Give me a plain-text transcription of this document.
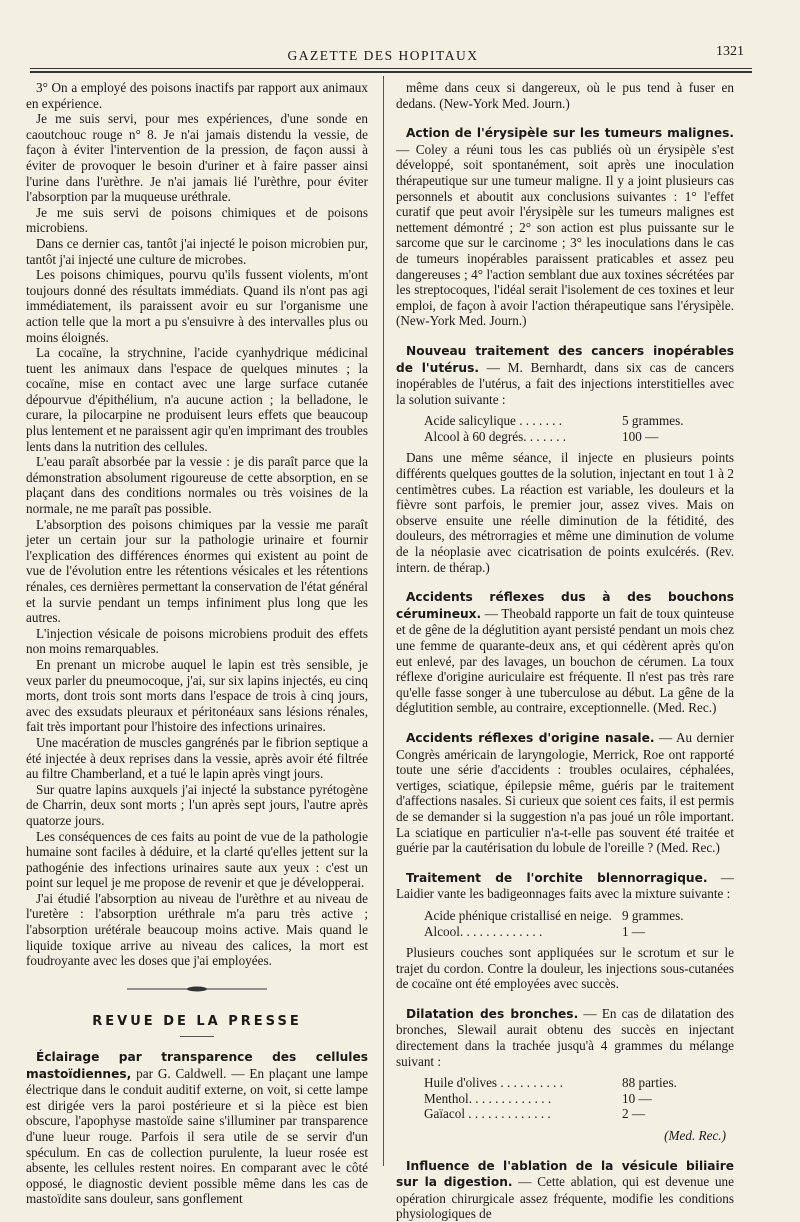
GAZETTE DES HOPITAUX	1321

3° On a employé des poisons inactifs par rapport aux animaux en expérience.

Je me suis servi, pour mes expériences, d'une sonde en caoutchouc rouge n° 8. Je n'ai jamais distendu la vessie, de façon à éviter l'intervention de la pression, de façon aussi à éviter de provoquer le besoin d'uriner et à faire passer ainsi l'urine dans l'urèthre. Je n'ai jamais lié l'urèthre, pour éviter l'absorption par la muqueuse uréthrale.

Je me suis servi de poisons chimiques et de poisons microbiens.

Dans ce dernier cas, tantôt j'ai injecté le poison microbien pur, tantôt j'ai injecté une culture de microbes.

Les poisons chimiques, pourvu qu'ils fussent violents, m'ont toujours donné des résultats immédiats. Quand ils n'ont pas agi immédiatement, ils paraissent avoir eu sur l'organisme une action telle que la mort a pu s'ensuivre à des intervalles plus ou moins éloignés.

La cocaïne, la strychnine, l'acide cyanhydrique médicinal tuent les animaux dans l'espace de quelques minutes ; la cocaïne, mise en contact avec une large surface cutanée dépourvue d'épithélium, n'a aucune action ; la belladone, le curare, la pilocarpine ne produisent leurs effets que beaucoup plus lentement et ne paraissent agir qu'en imprimant des troubles lents dans la nutrition des cellules.

L'eau paraît absorbée par la vessie : je dis paraît parce que la démonstration absolument rigoureuse de cette absorption, en se plaçant dans des conditions normales ou très voisines de la normale, ne me paraît pas possible.

L'absorption des poisons chimiques par la vessie me paraît jeter un certain jour sur la pathologie urinaire et fournir l'explication des différences énormes qui existent au point de vue de l'évolution entre les rétentions vésicales et les rétentions rénales, ces dernières permettant la conservation de l'état général et la survie pendant un temps infiniment plus long que les autres.

L'injection vésicale de poisons microbiens produit des effets non moins remarquables.

En prenant un microbe auquel le lapin est très sensible, je veux parler du pneumocoque, j'ai, sur six lapins injectés, eu cinq morts, dont trois sont morts dans l'espace de trois à cinq jours, avec des exsudats pleuraux et péritonéaux sans lésions rénales, fait très important pour l'histoire des infections urinaires.

Une macération de muscles gangrénés par le fibrion septique a été injectée à deux reprises dans la vessie, après avoir été filtrée au filtre Chamberland, et a tué le lapin après vingt jours.

Sur quatre lapins auxquels j'ai injecté la substance pyrétogène de Charrin, deux sont morts ; l'un après sept jours, l'autre après quatorze jours.

Les conséquences de ces faits au point de vue de la pathologie humaine sont faciles à déduire, et la clarté qu'elles jettent sur la pathogénie des infections urinaires saute aux yeux : c'est un point sur lequel je me propose de revenir et que je développerai.

J'ai étudié l'absorption au niveau de l'urèthre et au niveau de l'uretère : l'absorption uréthrale m'a paru très active ; l'absorption urétérale beaucoup moins active. Mais quand le liquide toxique arrive au niveau des calices, la mort est foudroyante avec les doses que j'ai employées.

REVUE DE LA PRESSE

Éclairage par transparence des cellules mastoïdiennes, par G. Caldwell. — En plaçant une lampe électrique dans le conduit auditif externe, on voit, si cette lampe est dirigée vers la paroi postérieure et si la pièce est bien obscure, l'apophyse mastoïde saine s'illuminer par transparence d'une lueur rouge. Parfois il sera utile de se servir d'un spéculum. En cas de collection purulente, la lueur rosée est absente, les cellules restent noires. En comparant avec le côté opposé, le diagnostic devient possible même dans les cas de mastoïdite sans douleur, sans gonflement

même dans ceux si dangereux, où le pus tend à fuser en dedans. (New-York Med. Journ.)

Action de l'érysipèle sur les tumeurs malignes. — Coley a réuni tous les cas publiés où un érysipèle s'est développé, soit spontanément, soit après une inoculation thérapeutique sur une tumeur maligne. Il y a joint plusieurs cas personnels et aboutit aux conclusions suivantes : 1° l'effet curatif que peut avoir l'érysipèle sur les tumeurs malignes est nettement démontré ; 2° son action est plus puissante sur le sarcome que sur le carcinome ; 3° les inoculations dans le cas de tumeurs inopérables paraissent praticables et assez peu dangereuses ; 4° l'action semblant due aux toxines sécrétées par les streptocoques, l'idéal serait l'isolement de ces toxines et leur emploi, de façon à avoir l'action thérapeutique sans l'érysipèle. (New-York Med. Journ.)

Nouveau traitement des cancers inopérables de l'utérus. — M. Bernhardt, dans six cas de cancers inopérables de l'utérus, a fait des injections interstitielles avec la solution suivante :

Acide salicylique . . . . . . .	5 grammes.
Alcool à 60 degrés. . . . . . .	100 —

Dans une même séance, il injecte en plusieurs points différents quelques gouttes de la solution, injectant en tout 1 à 2 centimètres cubes. La réaction est variable, les douleurs et la fièvre sont parfois, le premier jour, assez vives. Mais on observe ensuite une réelle diminution de la fétidité, des douleurs, des métrorragies et même une diminution de volume de la néoplasie avec cicatrisation de points exulcérés. (Rev. intern. de thérap.)

Accidents réflexes dus à des bouchons cérumineux. — Theobald rapporte un fait de toux quinteuse et de gêne de la déglutition ayant persisté pendant un mois chez une femme de quarante-deux ans, et qui cédèrent après qu'on eut enlevé, par des lavages, un bouchon de cérumen. La toux réflexe d'origine auriculaire est fréquente. Il n'est pas très rare qu'elle fasse songer à une tuberculose au début. La gêne de la déglutition semble, au contraire, exceptionnelle. (Med. Rec.)

Accidents réflexes d'origine nasale. — Au dernier Congrès américain de laryngologie, Merrick, Roe ont rapporté toute une série d'accidents : troubles oculaires, céphalées, vertiges, sciatique, épilepsie même, guéris par le traitement d'affections nasales. Si curieux que soient ces faits, il est permis de se demander si la suggestion n'a pas joué un rôle important. La sciatique en particulier n'a-t-elle pas souvent été traitée et guérie par la cautérisation du lobule de l'oreille ? (Med. Rec.)

Traitement de l'orchite blennorragique. — Laidier vante les badigeonnages faits avec la mixture suivante :

Acide phénique cristallisé en neige. 9 grammes.
Alcool. . . . . . . . . . . . .	1 —

Plusieurs couches sont appliquées sur le scrotum et sur le trajet du cordon. Contre la douleur, les injections sous-cutanées de cocaïne ont été employées avec succès.

Dilatation des bronches. — En cas de dilatation des bronches, Slewail aurait obtenu des succès en injectant directement dans la trachée jusqu'à 4 grammes du mélange suivant :

Huile d'olives . . . . . . . . . .	88 parties.
Menthol. . . . . . . . . . . . .	10 —
Gaïacol . . . . . . . . . . . . .	2 —
(Med. Rec.)

Influence de l'ablation de la vésicule biliaire sur la digestion. — Cette ablation, qui est devenue une opération chirurgicale assez fréquente, modifie les conditions physiologiques de
